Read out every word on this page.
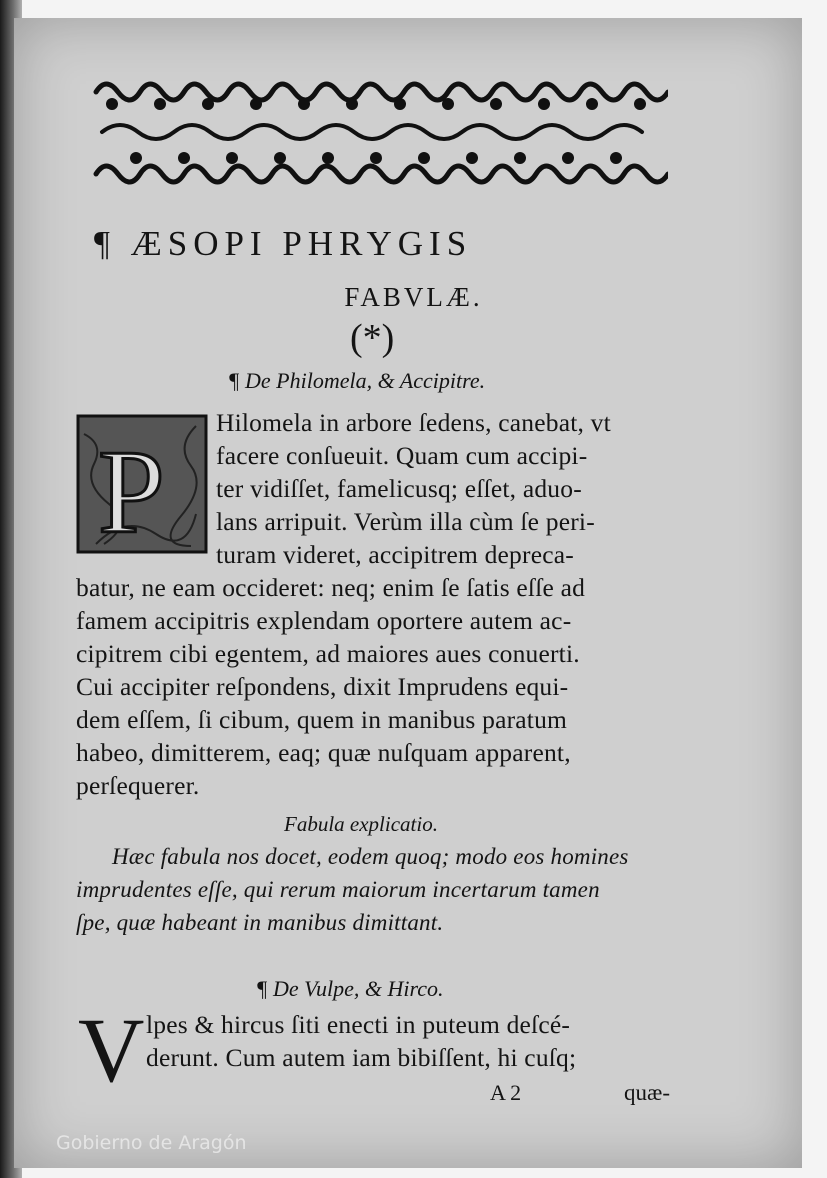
¶ ÆSOPI PHRYGIS
FABVLÆ.
(*)
¶ De Philomela, & Accipitre.
P
Hilomela in arbore ſedens, canebat, vt
facere conſueuit. Quam cum accipi-
ter vidiſſet, famelicusq; eſſet, aduo-
lans arripuit. Verùm illa cùm ſe peri-
turam videret, accipitrem depreca-
batur, ne eam occideret: neq; enim ſe ſatis eſſe ad
famem accipitris explendam oportere autem ac-
cipitrem cibi egentem, ad maiores aues conuerti.
Cui accipiter reſpondens, dixit Imprudens equi-
dem eſſem, ſi cibum, quem in manibus paratum
habeo, dimitterem, eaq; quæ nuſquam apparent,
perſequerer.
Fabula explicatio.
Hæc fabula nos docet, eodem quoq; modo eos homines
imprudentes eſſe, qui rerum maiorum incertarum tamen
ſpe, quæ habeant in manibus dimittant.
¶ De Vulpe, & Hirco.
V lpes & hircus ſiti enecti in puteum deſcé-
derunt. Cum autem iam bibiſſent, hi cuſq;
A 2	quæ-
Gobierno de Aragón
